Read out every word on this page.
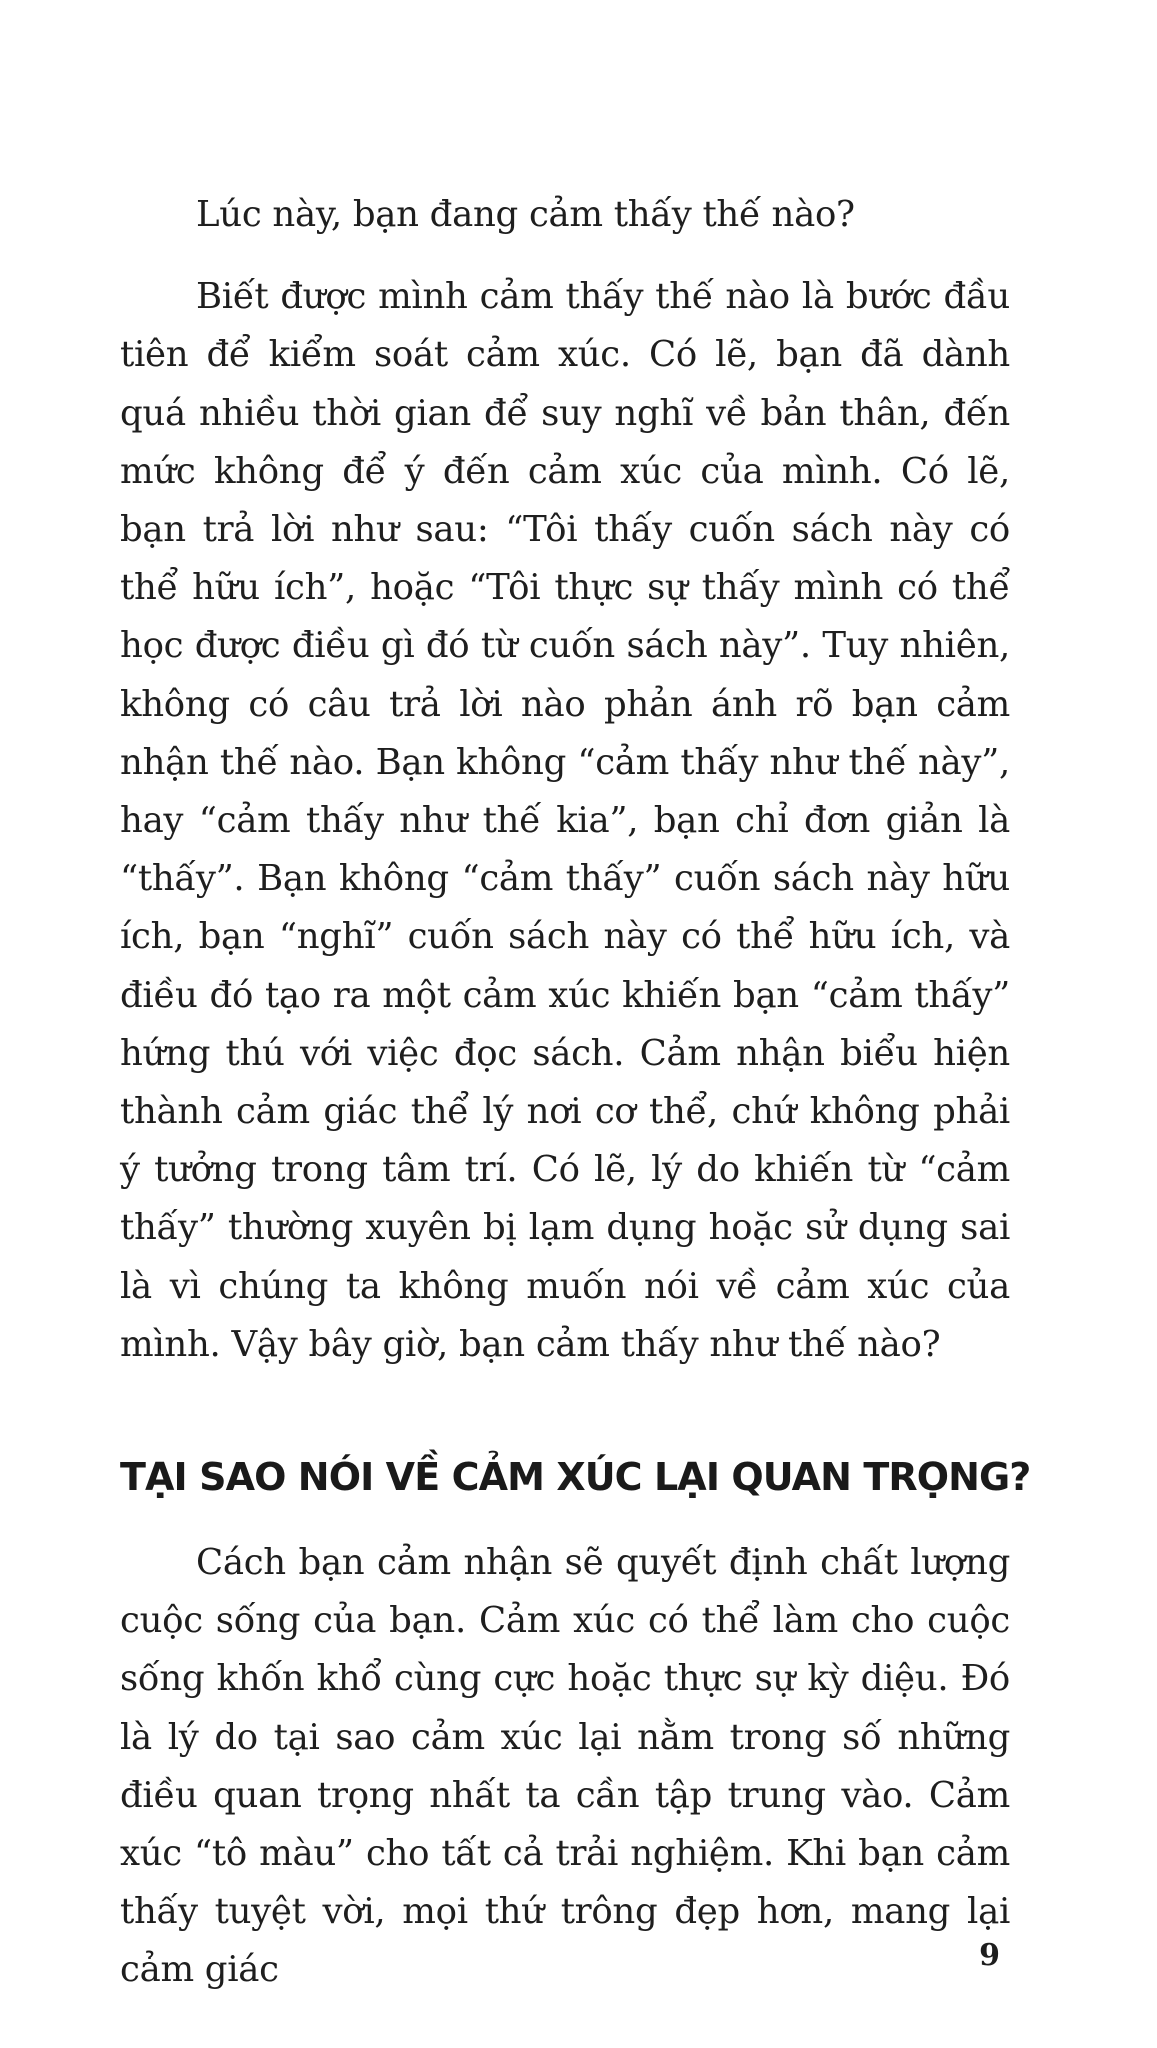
Lúc này, bạn đang cảm thấy thế nào?

Biết được mình cảm thấy thế nào là bước đầu tiên để kiểm soát cảm xúc. Có lẽ, bạn đã dành quá nhiều thời gian để suy nghĩ về bản thân, đến mức không để ý đến cảm xúc của mình. Có lẽ, bạn trả lời như sau: “Tôi thấy cuốn sách này có thể hữu ích”, hoặc “Tôi thực sự thấy mình có thể học được điều gì đó từ cuốn sách này”. Tuy nhiên, không có câu trả lời nào phản ánh rõ bạn cảm nhận thế nào. Bạn không “cảm thấy như thế này”, hay “cảm thấy như thế kia”, bạn chỉ đơn giản là “thấy”. Bạn không “cảm thấy” cuốn sách này hữu ích, bạn “nghĩ” cuốn sách này có thể hữu ích, và điều đó tạo ra một cảm xúc khiến bạn “cảm thấy” hứng thú với việc đọc sách. Cảm nhận biểu hiện thành cảm giác thể lý nơi cơ thể, chứ không phải ý tưởng trong tâm trí. Có lẽ, lý do khiến từ “cảm thấy” thường xuyên bị lạm dụng hoặc sử dụng sai là vì chúng ta không muốn nói về cảm xúc của mình. Vậy bây giờ, bạn cảm thấy như thế nào?

TẠI SAO NÓI VỀ CẢM XÚC LẠI QUAN TRỌNG?

Cách bạn cảm nhận sẽ quyết định chất lượng cuộc sống của bạn. Cảm xúc có thể làm cho cuộc sống khốn khổ cùng cực hoặc thực sự kỳ diệu. Đó là lý do tại sao cảm xúc lại nằm trong số những điều quan trọng nhất ta cần tập trung vào. Cảm xúc “tô màu” cho tất cả trải nghiệm. Khi bạn cảm thấy tuyệt vời, mọi thứ trông đẹp hơn, mang lại cảm giác	9
